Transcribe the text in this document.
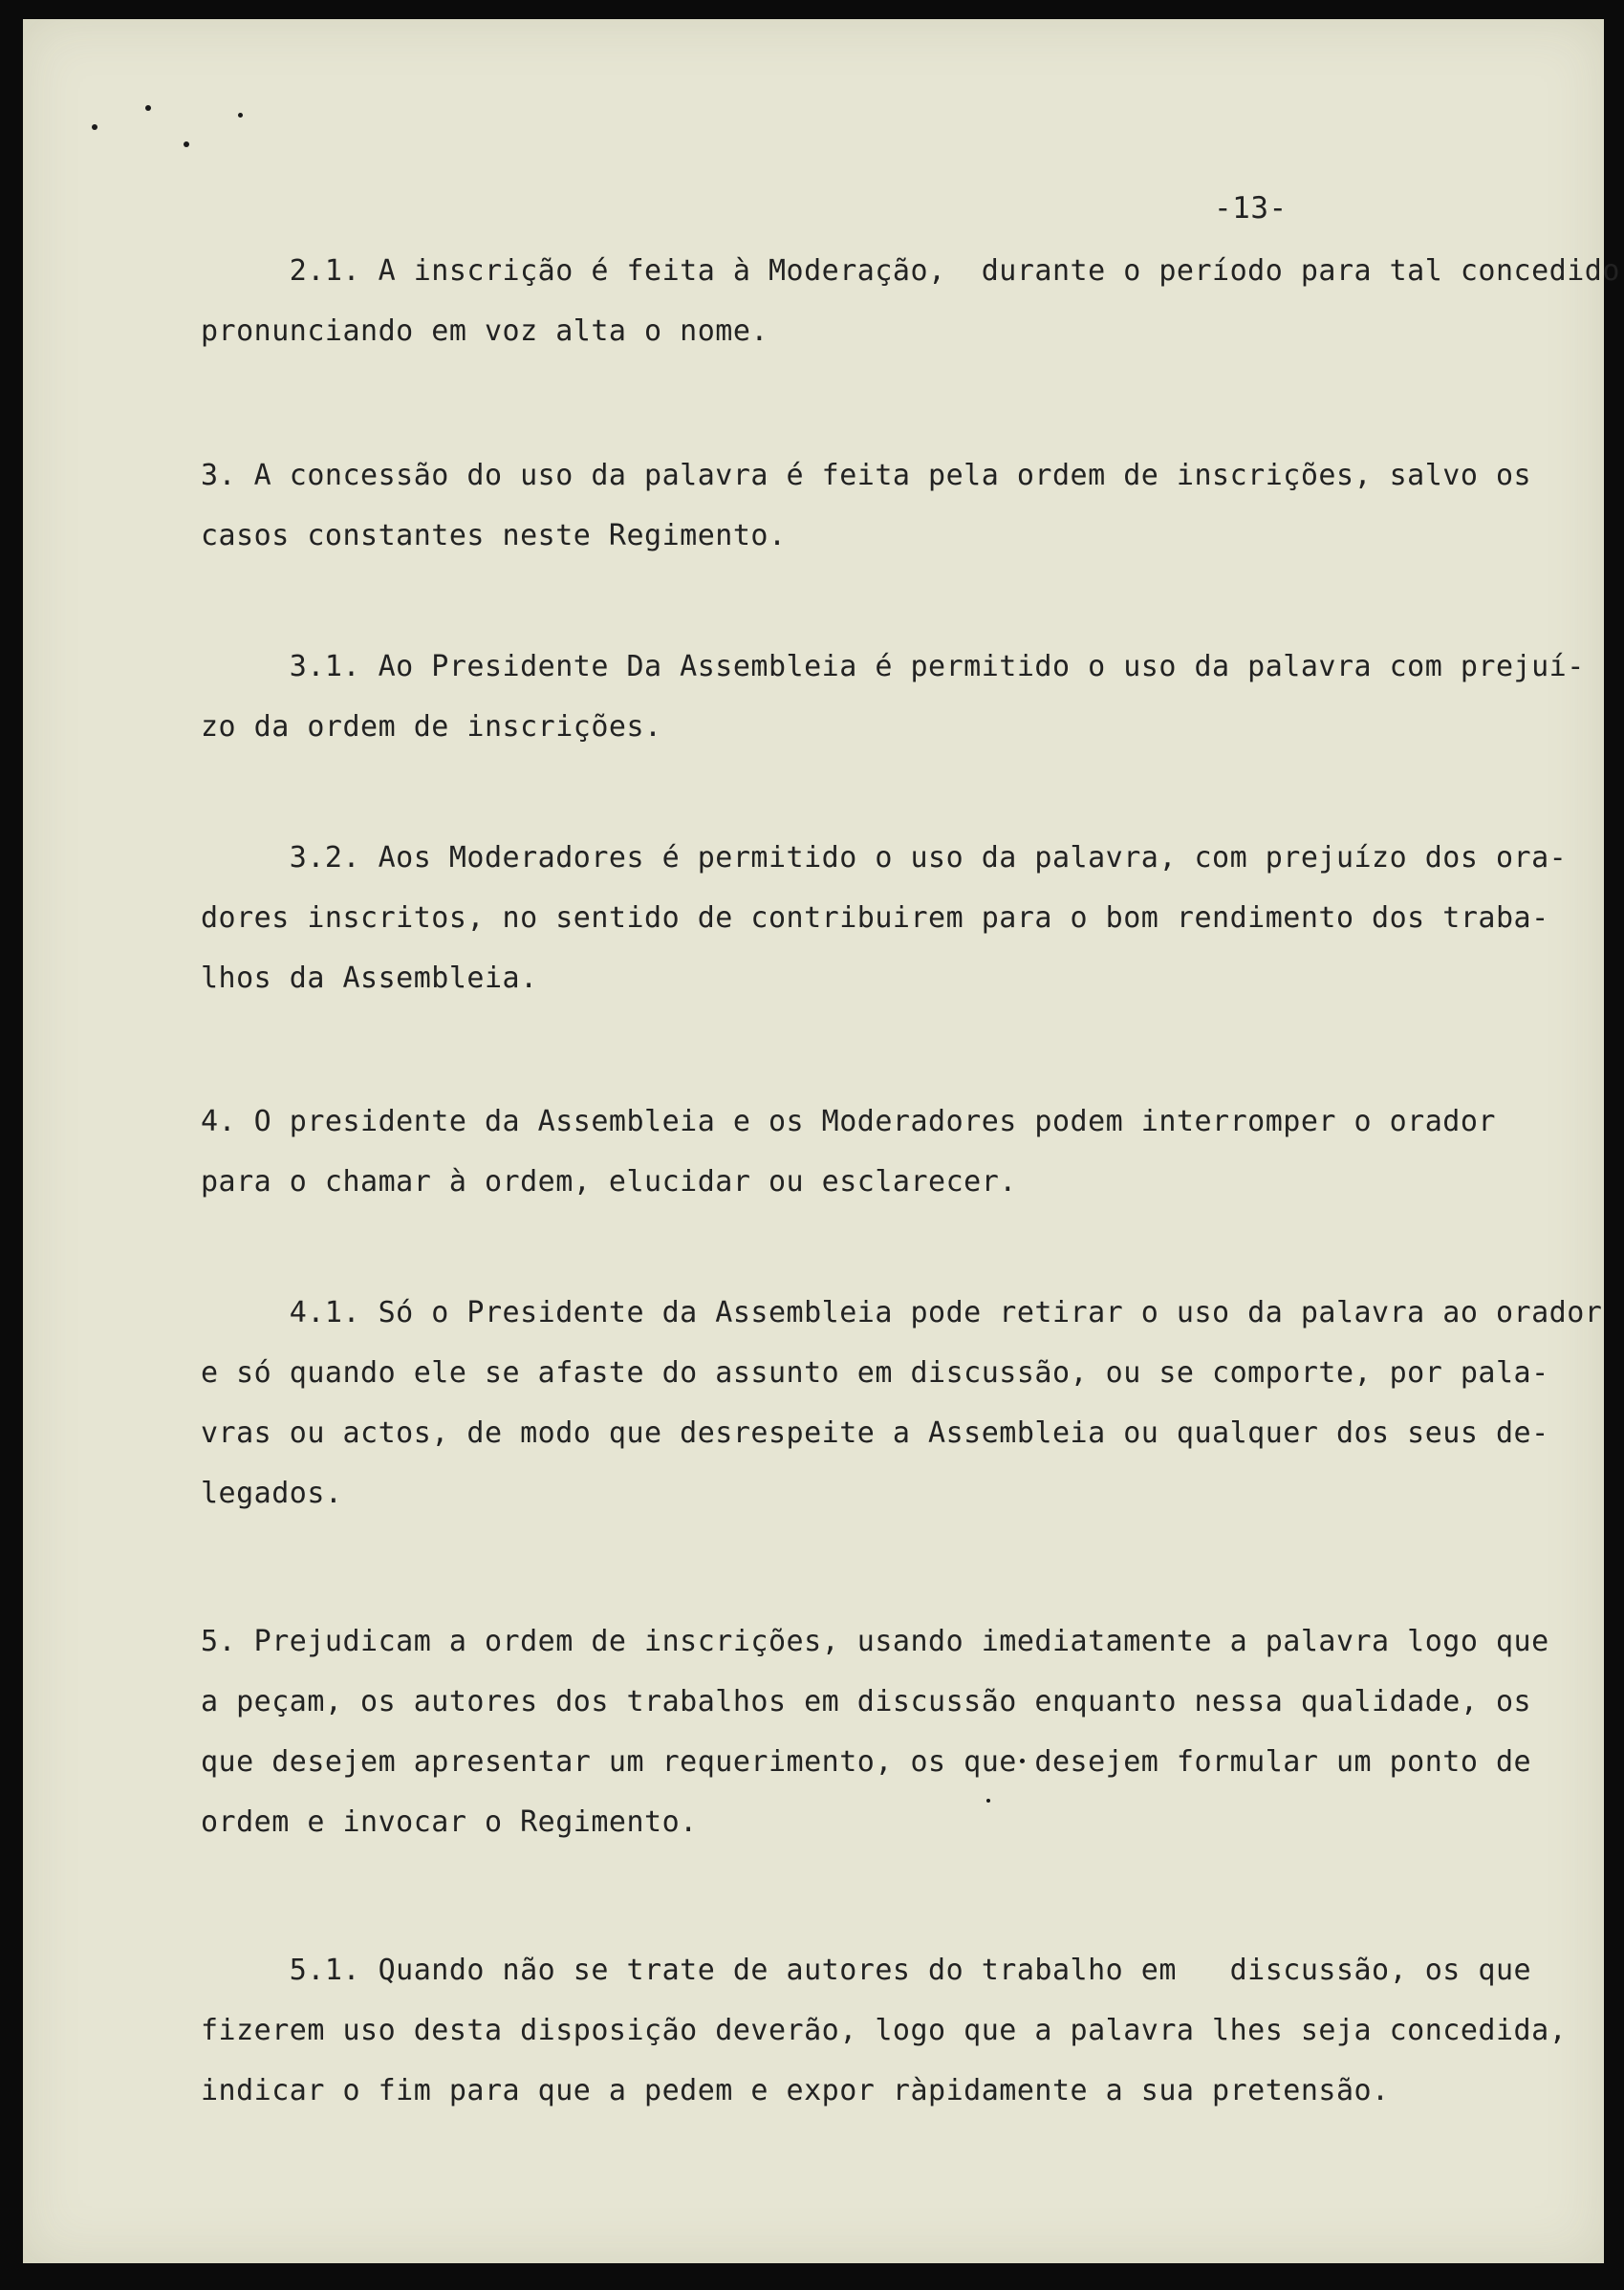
-13-

2.1. A inscrição é feita à Moderação,  durante o período para tal concedido
pronunciando em voz alta o nome.

3. A concessão do uso da palavra é feita pela ordem de inscrições, salvo os
casos constantes neste Regimento.

3.1. Ao Presidente Da Assembleia é permitido o uso da palavra com prejuí-
zo da ordem de inscrições.

3.2. Aos Moderadores é permitido o uso da palavra, com prejuízo dos ora-
dores inscritos, no sentido de contribuirem para o bom rendimento dos traba-
lhos da Assembleia.

4. O presidente da Assembleia e os Moderadores podem interromper o orador
para o chamar à ordem, elucidar ou esclarecer.

4.1. Só o Presidente da Assembleia pode retirar o uso da palavra ao orador
e só quando ele se afaste do assunto em discussão, ou se comporte, por pala-
vras ou actos, de modo que desrespeite a Assembleia ou qualquer dos seus de-
legados.

5. Prejudicam a ordem de inscrições, usando imediatamente a palavra logo que
a peçam, os autores dos trabalhos em discussão enquanto nessa qualidade, os
que desejem apresentar um requerimento, os que desejem formular um ponto de
ordem e invocar o Regimento.

5.1. Quando não se trate de autores do trabalho em   discussão, os que
fizerem uso desta disposição deverão, logo que a palavra lhes seja concedida,
indicar o fim para que a pedem e expor ràpidamente a sua pretensão.
